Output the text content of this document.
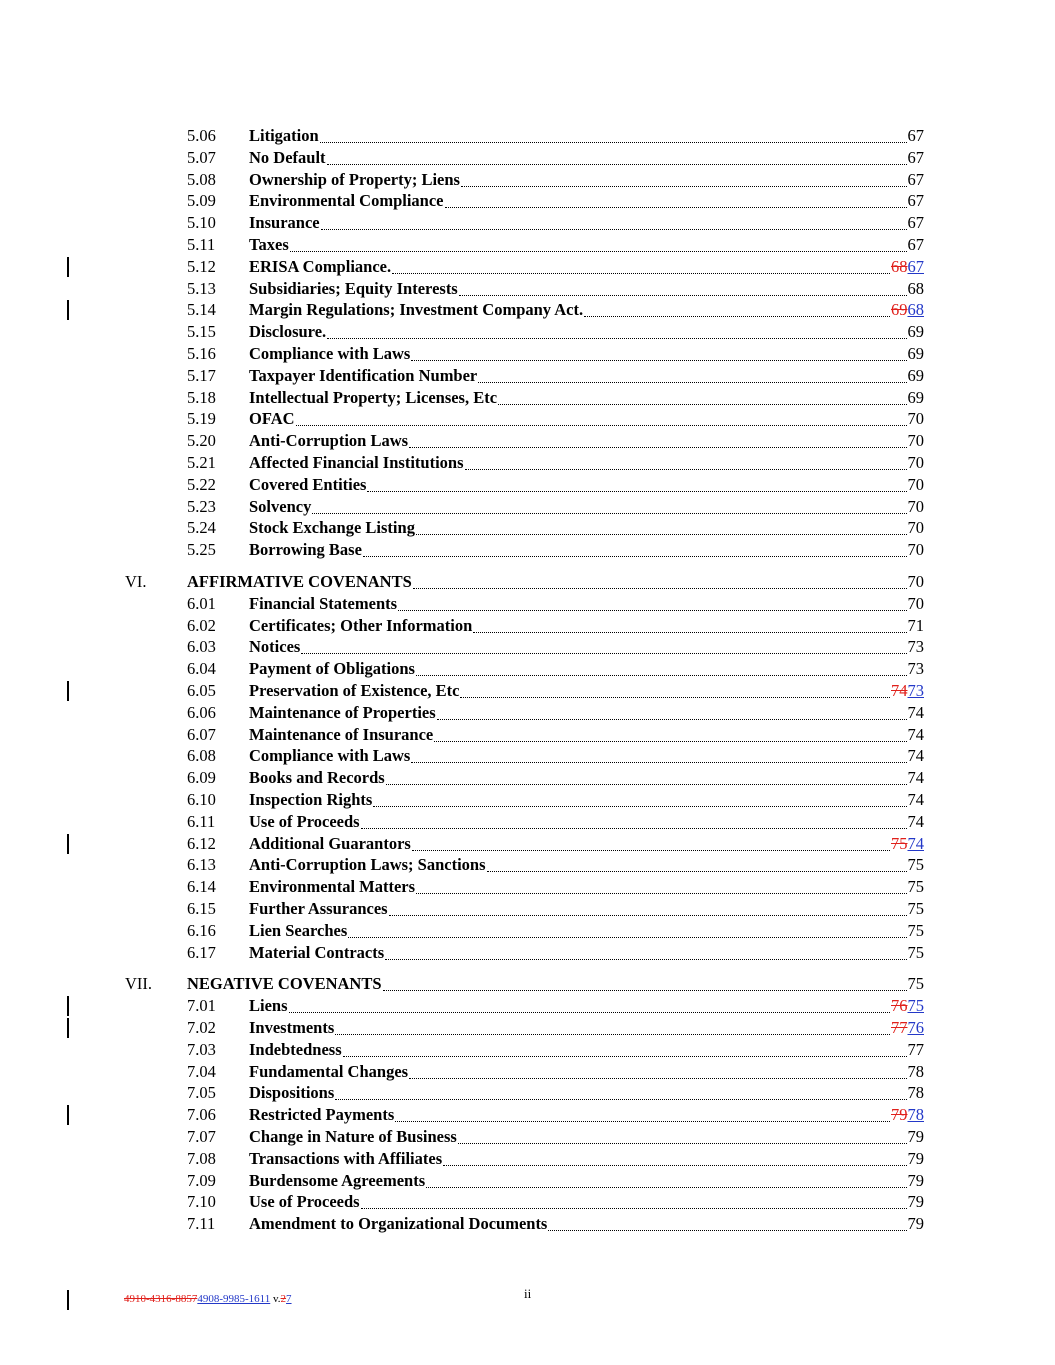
5.06 Litigation	67
5.07 No Default	67
5.08 Ownership of Property; Liens	67
5.09 Environmental Compliance	67
5.10 Insurance	67
5.11 Taxes	67
5.12 ERISA Compliance.	6867
5.13 Subsidiaries; Equity Interests	68
5.14 Margin Regulations; Investment Company Act.	6968
5.15 Disclosure.	69
5.16 Compliance with Laws	69
5.17 Taxpayer Identification Number	69
5.18 Intellectual Property; Licenses, Etc	69
5.19 OFAC	70
5.20 Anti-Corruption Laws	70
5.21 Affected Financial Institutions	70
5.22 Covered Entities	70
5.23 Solvency	70
5.24 Stock Exchange Listing	70
5.25 Borrowing Base	70
VI. AFFIRMATIVE COVENANTS	70
6.01 Financial Statements	70
6.02 Certificates; Other Information	71
6.03 Notices	73
6.04 Payment of Obligations	73
6.05 Preservation of Existence, Etc	7473
6.06 Maintenance of Properties	74
6.07 Maintenance of Insurance	74
6.08 Compliance with Laws	74
6.09 Books and Records	74
6.10 Inspection Rights	74
6.11 Use of Proceeds	74
6.12 Additional Guarantors	7574
6.13 Anti-Corruption Laws; Sanctions	75
6.14 Environmental Matters	75
6.15 Further Assurances	75
6.16 Lien Searches	75
6.17 Material Contracts	75
VII. NEGATIVE COVENANTS	75
7.01 Liens	7675
7.02 Investments	7776
7.03 Indebtedness	77
7.04 Fundamental Changes	78
7.05 Dispositions	78
7.06 Restricted Payments	7978
7.07 Change in Nature of Business	79
7.08 Transactions with Affiliates	79
7.09 Burdensome Agreements	79
7.10 Use of Proceeds	79
7.11 Amendment to Organizational Documents	79
4910-4316-88574908-9985-1611 v.27	ii
